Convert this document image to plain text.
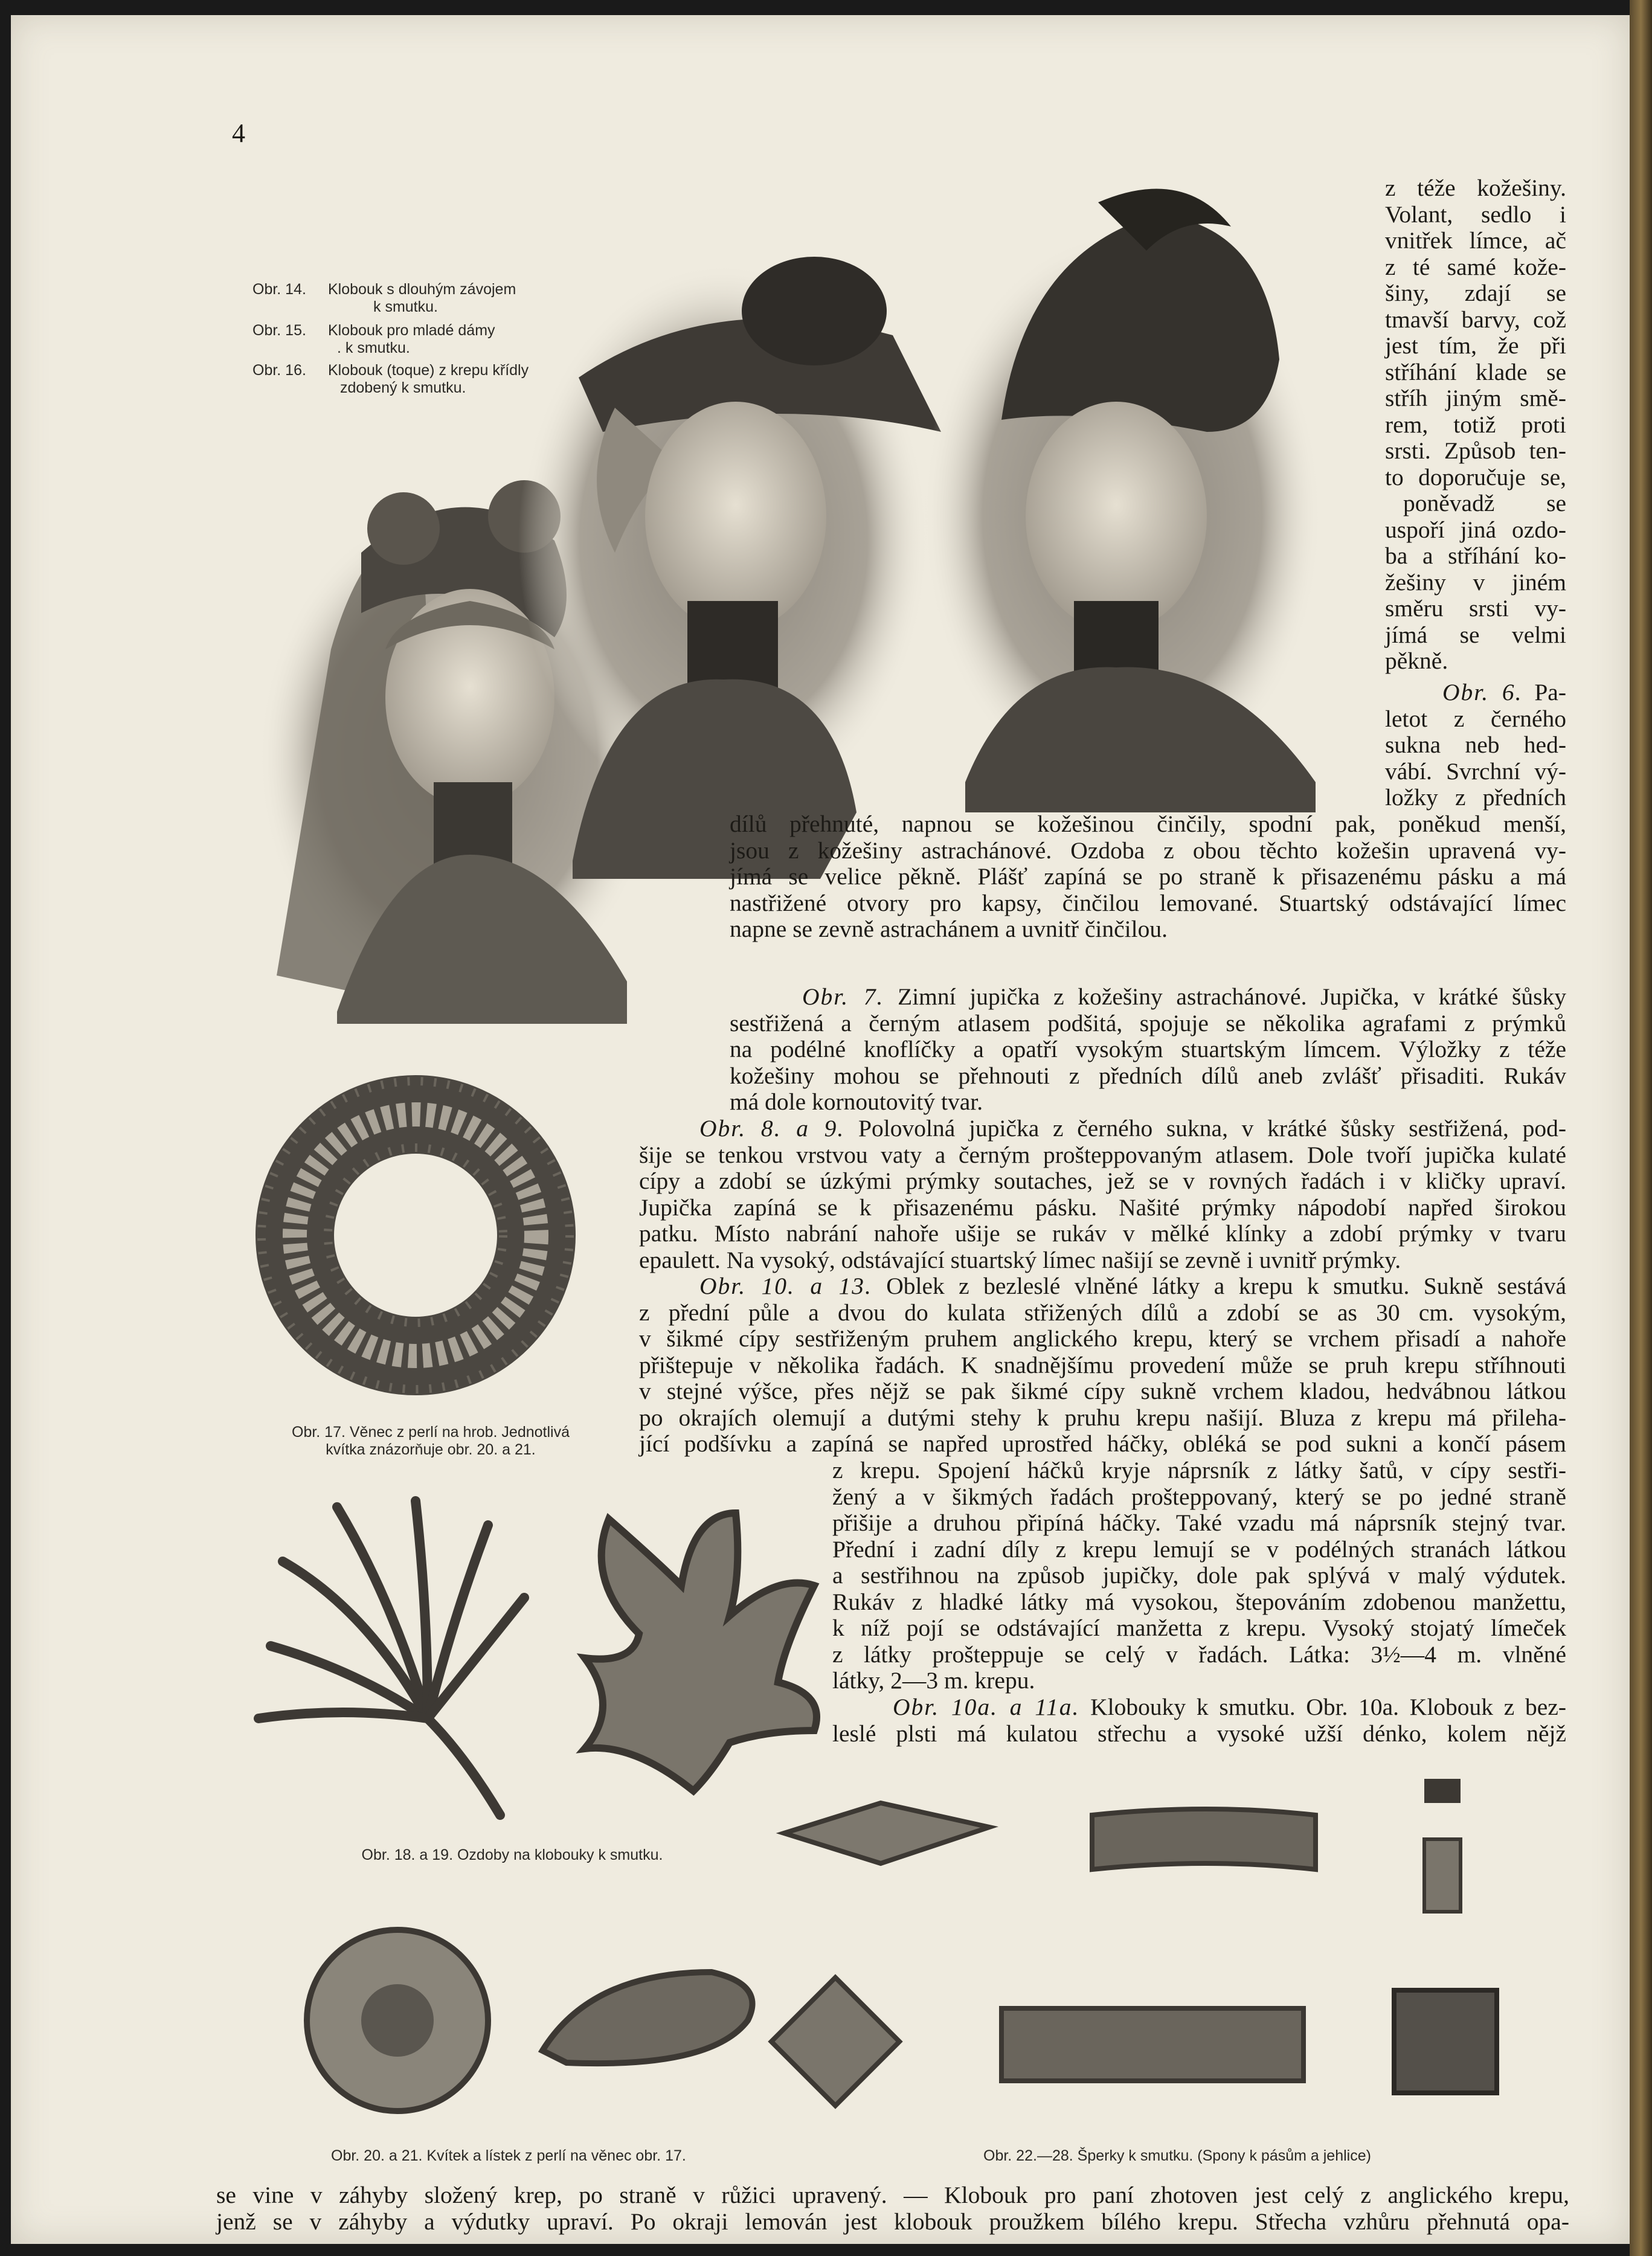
4
Obr. 14. Klobouk s dlouhým závojem
k smutku.
Obr. 15. Klobouk pro mladé dámy
. k smutku.
Obr. 16. Klobouk (toque) z krepu křídly
zdobený k smutku.
z téže kožešiny.
Volant, sedlo i
vnitřek límce, ač
z té samé kože-
šiny, zdají se
tmavší barvy, což
jest tím, že při
stříhání klade se
stříh jiným smě-
rem, totiž proti
srsti. Způsob ten-
to doporučuje se,
poněvadž se
uspoří jiná ozdo-
ba a stříhání ko-
žešiny v jiném
směru srsti vy-
jímá se velmi
pěkně.
Obr. 6. Pa-
letot z černého
sukna neb hed-
vábí. Svrchní vý-
ložky z předních
dílů přehnuté, napnou se kožešinou činčily, spodní pak, poněkud menší,
jsou z kožešiny astrachánové. Ozdoba z obou těchto kožešin upravená vy-
jímá se velice pěkně. Plášť zapíná se po straně k přisazenému pásku a má
nastřižené otvory pro kapsy, činčilou lemované. Stuartský odstávající límec
napne se zevně astrachánem a uvnitř činčilou.
Obr. 7. Zimní jupička z kožešiny astrachánové. Jupička, v krátké šůsky
sestřižená a černým atlasem podšitá, spojuje se několika agrafami z prýmků
na podélné knoflíčky a opatří vysokým stuartským límcem. Výložky z téže
kožešiny mohou se přehnouti z předních dílů aneb zvlášť přisaditi. Rukáv
má dole kornoutovitý tvar.
Obr. 8. a 9. Polovolná jupička z černého sukna, v krátké šůsky sestřižená, pod-
šije se tenkou vrstvou vaty a černým prošteppovaným atlasem. Dole tvoří jupička kulaté
cípy a zdobí se úzkými prýmky soutaches, jež se v rovných řadách i v kličky upraví.
Jupička zapíná se k přisazenému pásku. Našité prýmky nápodobí napřed širokou
patku. Místo nabrání nahoře ušije se rukáv v mělké klínky a zdobí prýmky v tvaru
epaulett. Na vysoký, odstávající stuartský límec našijí se zevně i uvnitř prýmky.
Obr. 10. a 13. Oblek z bezleslé vlněné látky a krepu k smutku. Sukně sestává
z přední půle a dvou do kulata střižených dílů a zdobí se as 30 cm. vysokým,
v šikmé cípy sestřiženým pruhem anglického krepu, který se vrchem přisadí a nahoře
přištepuje v několika řadách. K snadnějšímu provedení může se pruh krepu stříhnouti
v stejné výšce, přes nějž se pak šikmé cípy sukně vrchem kladou, hedvábnou látkou
po okrajích olemují a dutými stehy k pruhu krepu našijí. Bluza z krepu má přileha-
jící podšívku a zapíná se napřed uprostřed háčky, obléká se pod sukni a končí pásem
z krepu. Spojení háčků kryje náprsník z látky šatů, v cípy sestři-
žený a v šikmých řadách prošteppovaný, který se po jedné straně
přišije a druhou připíná háčky. Také vzadu má náprsník stejný tvar.
Přední i zadní díly z krepu lemují se v podélných stranách látkou
a sestřihnou na způsob jupičky, dole pak splývá v malý výdutek.
Rukáv z hladké látky má vysokou, štepováním zdobenou manžettu,
k níž pojí se odstávající manžetta z krepu. Vysoký stojatý límeček
z látky prošteppuje se celý v řadách. Látka: 3½—4 m. vlněné
látky, 2—3 m. krepu.
Obr. 10a. a 11a. Klobouky k smutku. Obr. 10a. Klobouk z bez-
leslé plsti má kulatou střechu a vysoké užší dénko, kolem nějž
Obr. 17. Věnec z perlí na hrob. Jednotlivá
kvítka znázorňuje obr. 20. a 21.
Obr. 18. a 19. Ozdoby na klobouky k smutku.
Obr. 20. a 21. Kvítek a lístek z perlí na věnec obr. 17.	Obr. 22.—28. Šperky k smutku. (Spony k pásům a jehlice)
se vine v záhyby složený krep, po straně v růžici upravený. — Klobouk pro paní zhotoven jest celý z anglického krepu,
jenž se v záhyby a výdutky upraví. Po okraji lemován jest klobouk proužkem bílého krepu. Střecha vzhůru přehnutá opa-
